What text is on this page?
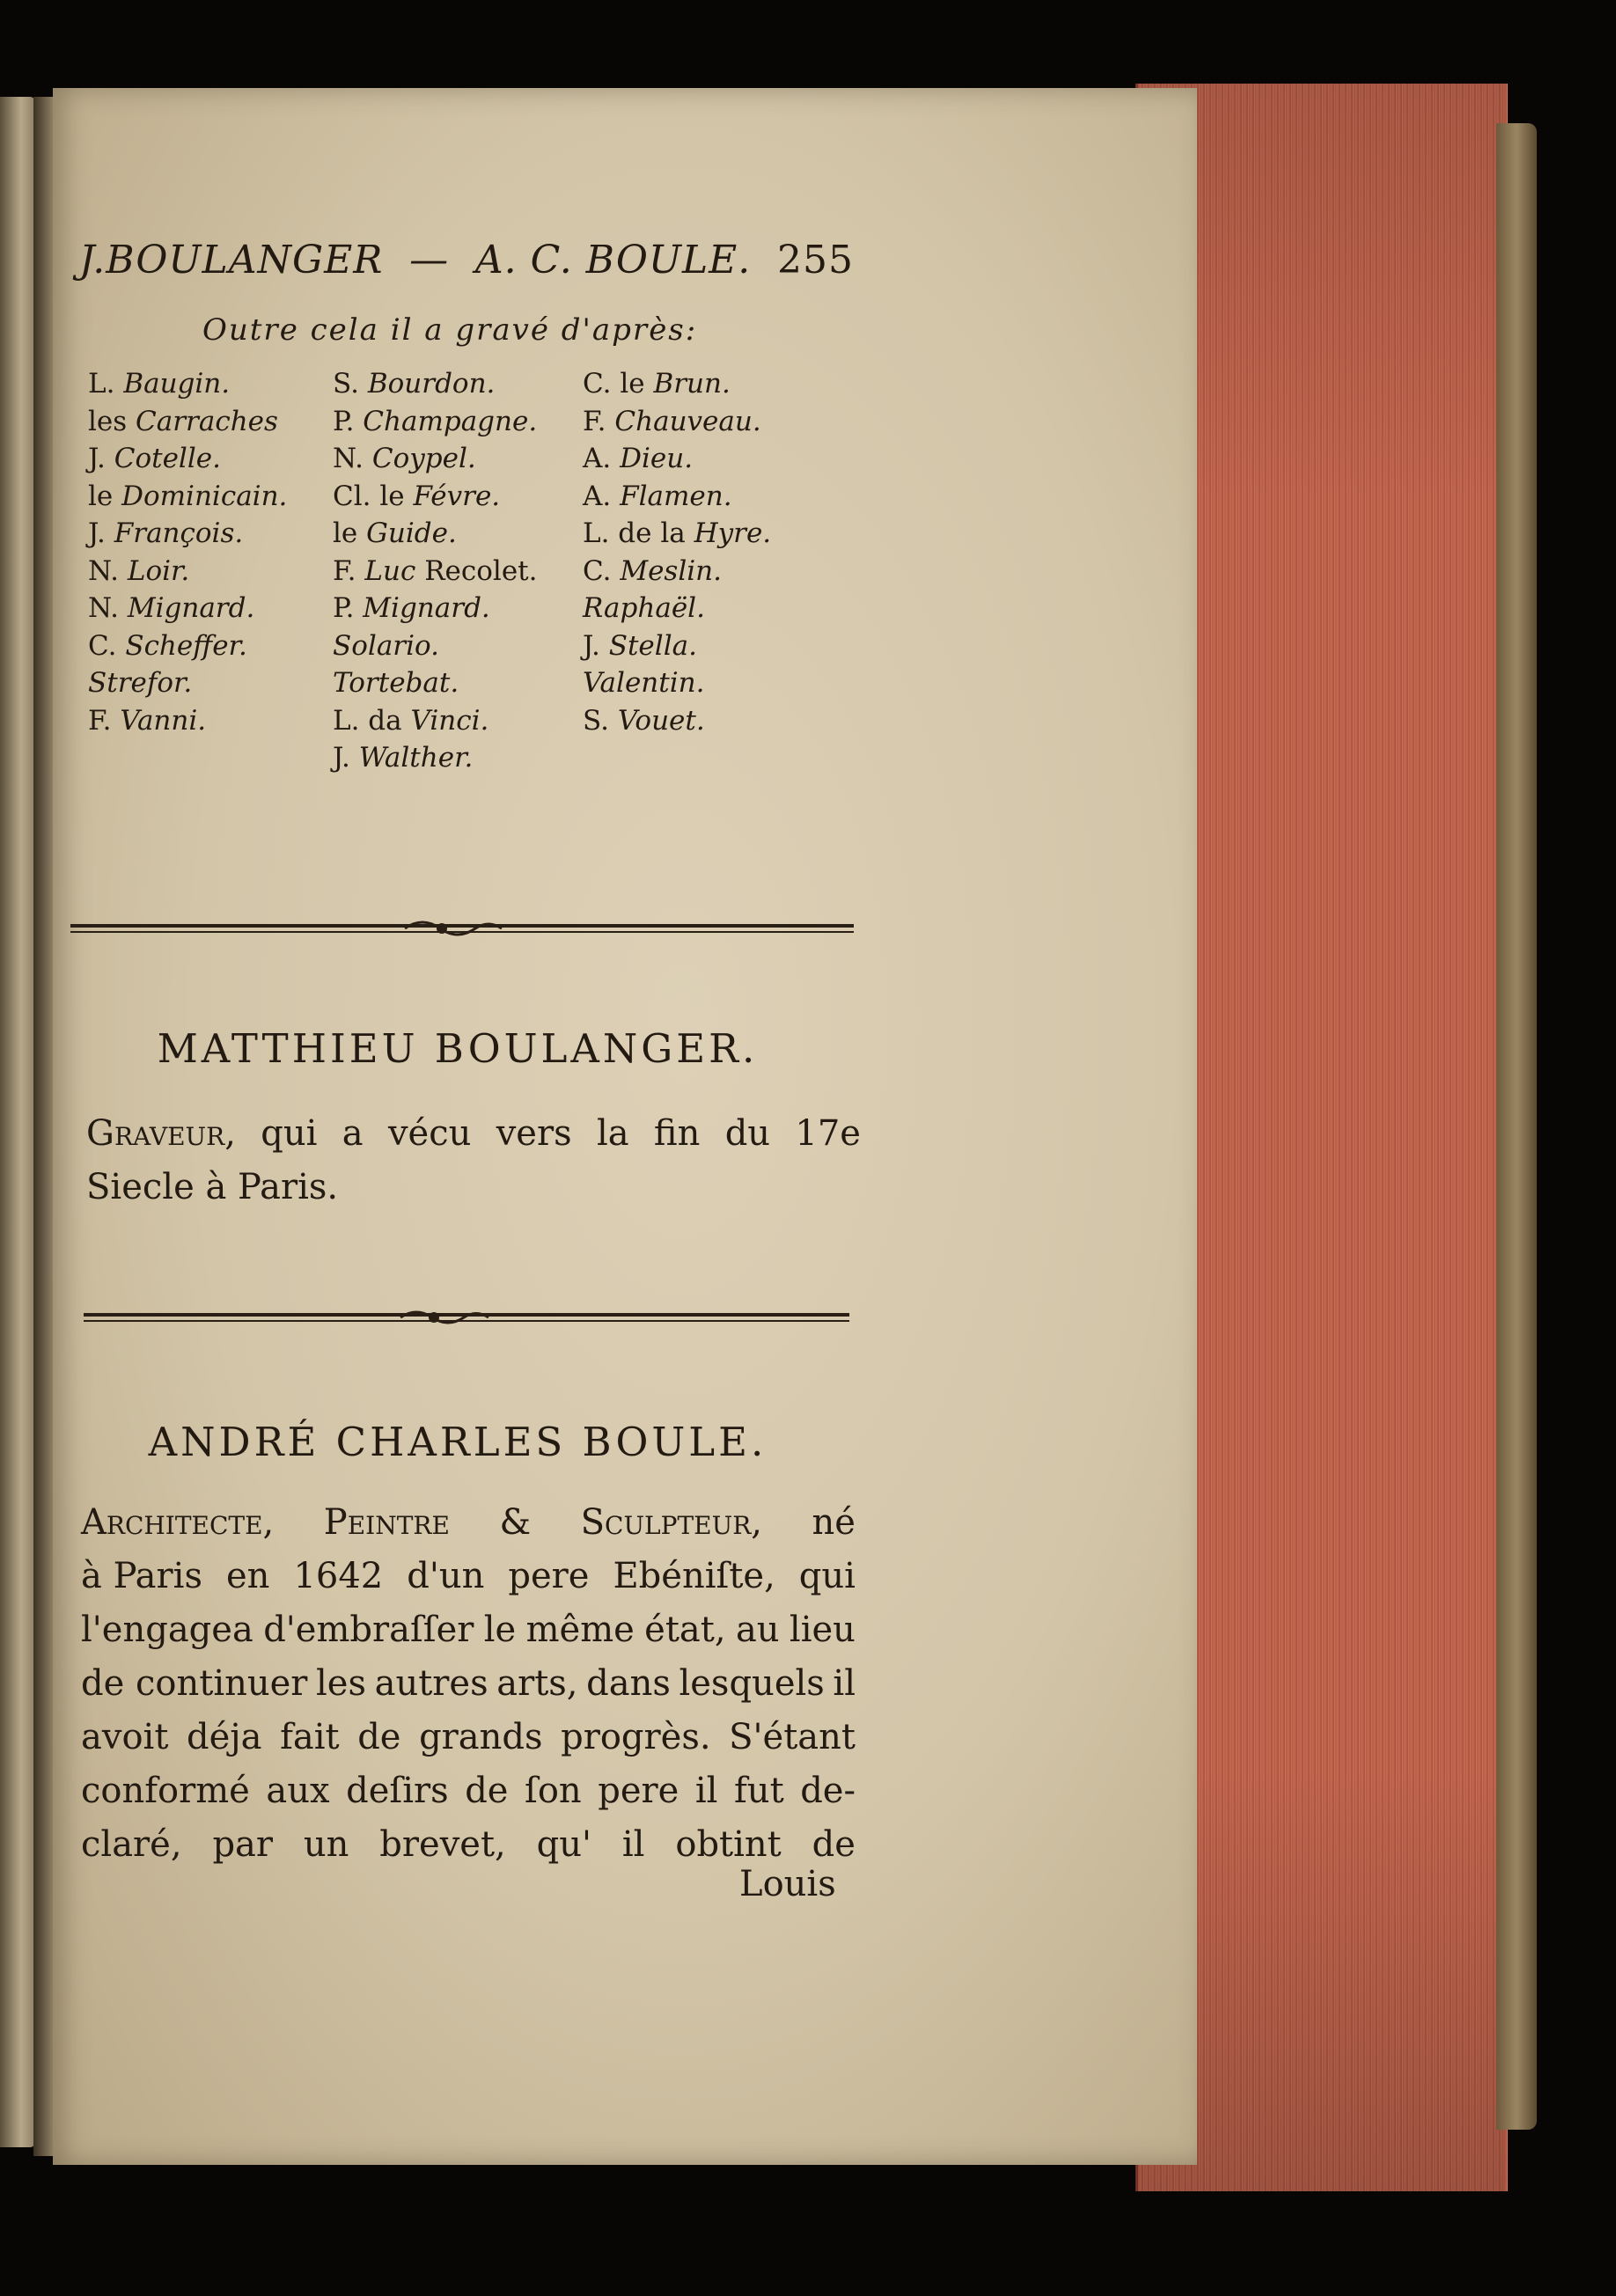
J.BOULANGER — A. C. BOULE. 255
Outre cela il a gravé d'après:
L. Baugin.
les Carraches
J. Cotelle.
le Dominicain.
J. François.
N. Loir.
N. Mignard.
C. Scheffer.
Strefor.
F. Vanni.
S. Bourdon.
P. Champagne.
N. Coypel.
Cl. le Févre.
le Guide.
F. Luc Recolet.
P. Mignard.
Solario.
Tortebat.
L. da Vinci.
J. Walther.
C. le Brun.
F. Chauveau.
A. Dieu.
A. Flamen.
L. de la Hyre.
C. Meslin.
Raphaël.
J. Stella.
Valentin.
S. Vouet.
MATTHIEU BOULANGER.
Graveur, qui a vécu vers la fin du 17e
Siecle à Paris.
ANDRÉ CHARLES BOULE.
Architecte, Peintre & Sculpteur, né
à Paris en 1642 d'un pere Ebéniſte, qui
l'engagea d'embraſſer le même état, au lieu
de continuer les autres arts, dans lesquels il
avoit déja fait de grands progrès. S'étant
conformé aux deſirs de ſon pere il fut de-
claré, par un brevet, qu' il obtint de
Louis
